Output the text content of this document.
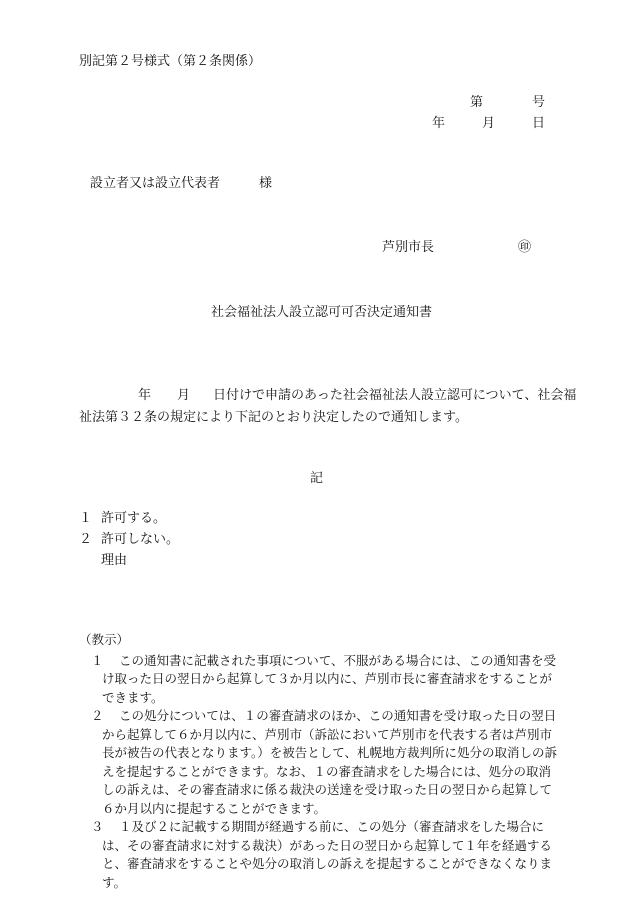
別記第２号様式（第２条関係）
第	号
年	月	日
設立者又は設立代表者　　　様
芦別市長	㊞
社会福祉法人設立認可可否決定通知書
年 月 日付けで申請のあった社会福祉法人設立認可について、社会福
祉法第３２条の規定により下記のとおり決定したので通知します。
記
１ 許可する。
２ 許可しない。
理由
（教示）
１	この通知書に記載された事項について、不服がある場合には、この通知書を受け取った日の翌日から起算して３か月以内に、芦別市長に審査請求をすることができます。
２	この処分については、１の審査請求のほか、この通知書を受け取った日の翌日から起算して６か月以内に、芦別市（訴訟において芦別市を代表する者は芦別市長が被告の代表となります。）を被告として、札幌地方裁判所に処分の取消しの訴えを提起することができます。なお、１の審査請求をした場合には、処分の取消しの訴えは、その審査請求に係る裁決の送達を受け取った日の翌日から起算して６か月以内に提起することができます。
３	１及び２に記載する期間が経過する前に、この処分（審査請求をした場合には、その審査請求に対する裁決）があった日の翌日から起算して１年を経過すると、審査請求をすることや処分の取消しの訴えを提起することができなくなります。
